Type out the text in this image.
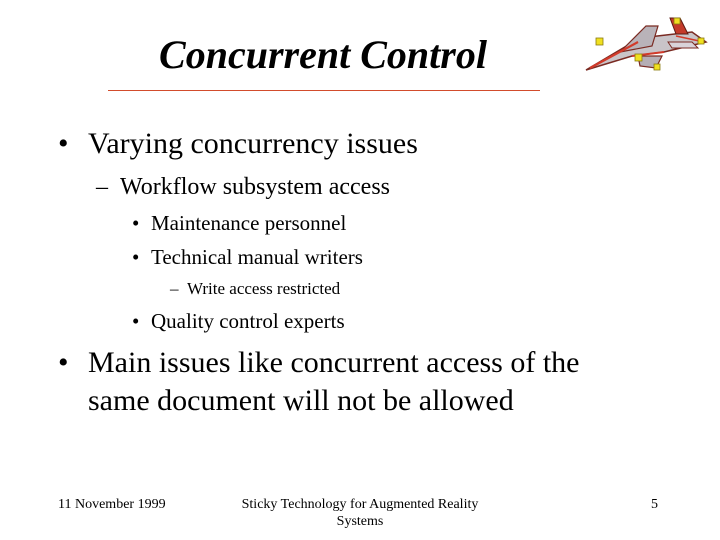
Concurrent Control
• Varying concurrency issues
– Workflow subsystem access
• Maintenance personnel
• Technical manual writers
– Write access restricted
• Quality control experts
• Main issues like concurrent access of the
same document will not be allowed
11 November 1999	Sticky Technology for Augmented Reality
Systems
5
